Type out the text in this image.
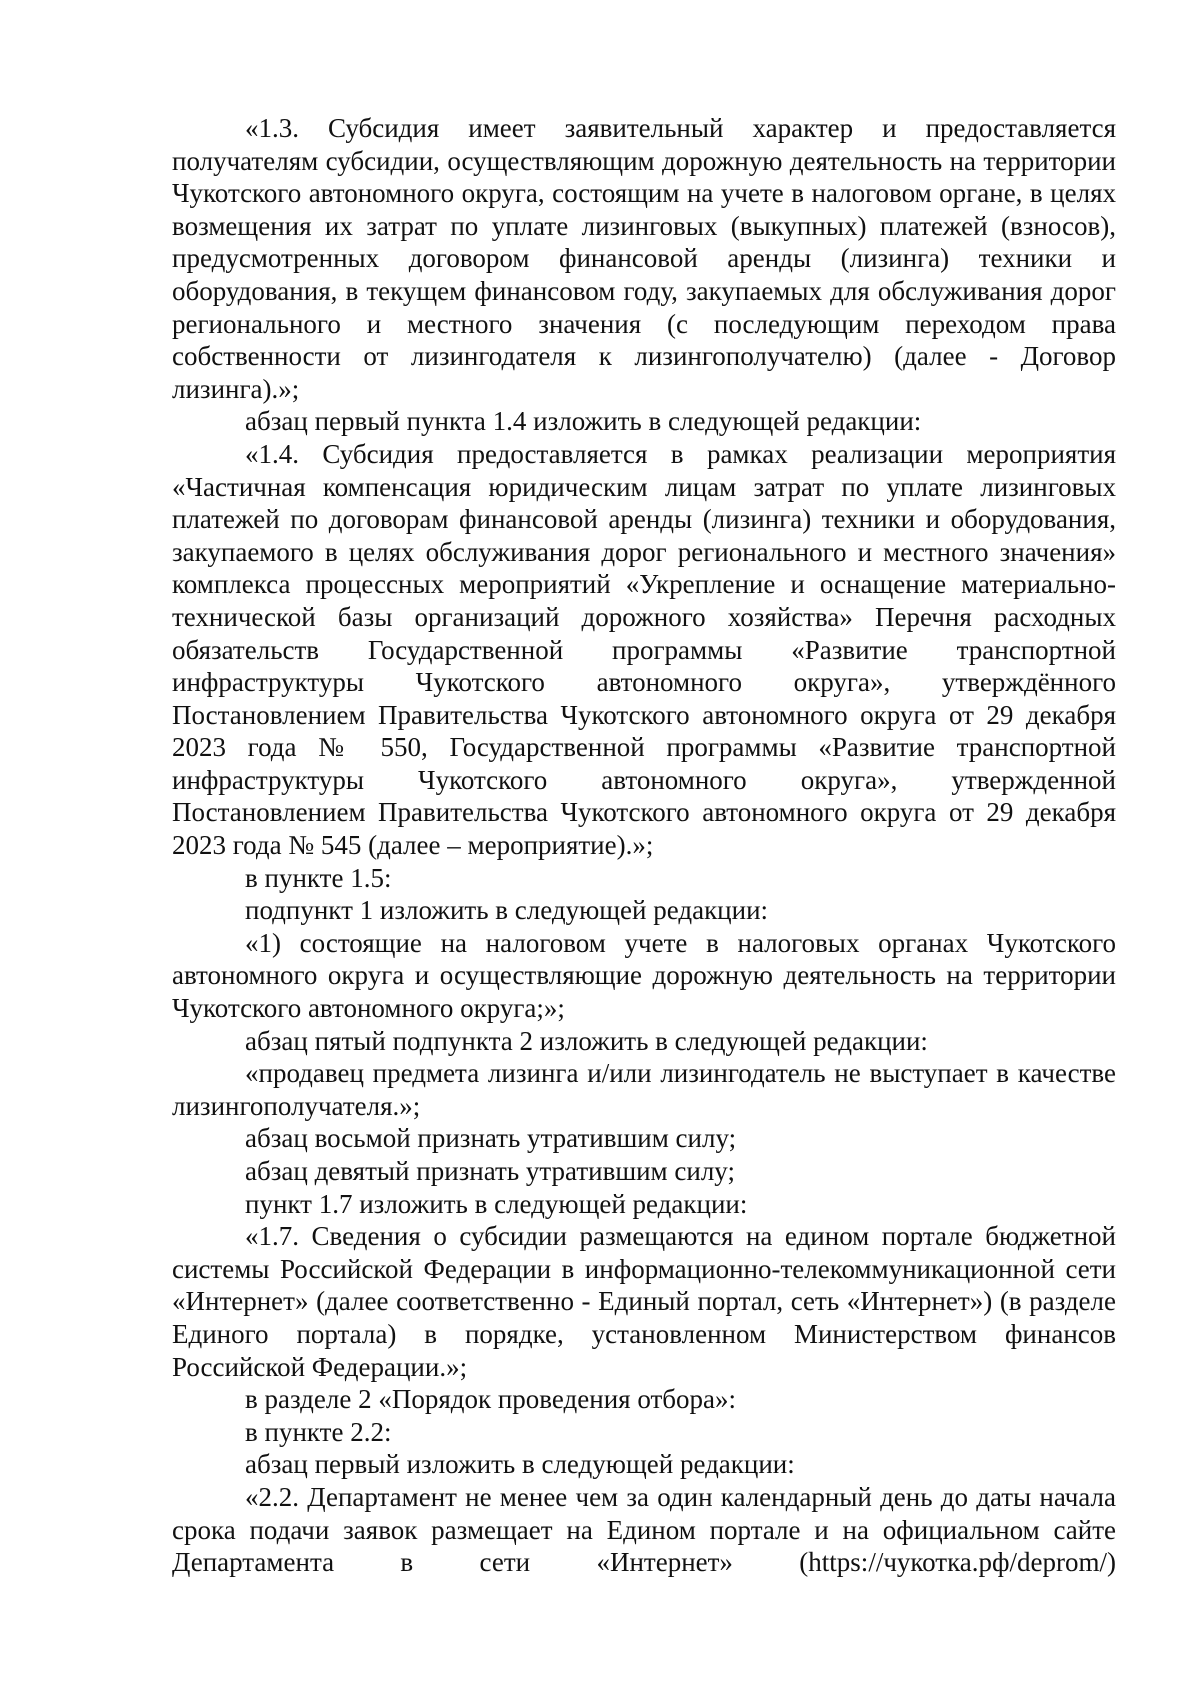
«1.3. Субсидия имеет заявительный характер и предоставляется получателям субсидии, осуществляющим дорожную деятельность на территории Чукотского автономного округа, состоящим на учете в налоговом органе, в целях возмещения их затрат по уплате лизинговых (выкупных) платежей (взносов), предусмотренных договором финансовой аренды (лизинга) техники и оборудования, в текущем финансовом году, закупаемых для обслуживания дорог регионального и местного значения (с последующим переходом права собственности от лизингодателя к лизингополучателю) (далее - Договор лизинга).»;

абзац первый пункта 1.4 изложить в следующей редакции:

«1.4. Субсидия предоставляется в рамках реализации мероприятия «Частичная компенсация юридическим лицам затрат по уплате лизинговых платежей по договорам финансовой аренды (лизинга) техники и оборудования, закупаемого в целях обслуживания дорог регионального и местного значения» комплекса процессных мероприятий «Укрепление и оснащение материально-технической базы организаций дорожного хозяйства» Перечня расходных обязательств Государственной программы «Развитие транспортной инфраструктуры Чукотского автономного округа», утверждённого Постановлением Правительства Чукотского автономного округа от 29 декабря 2023 года № 550, Государственной программы «Развитие транспортной инфраструктуры Чукотского автономного округа», утвержденной Постановлением Правительства Чукотского автономного округа от 29 декабря 2023 года № 545 (далее – мероприятие).»;

в пункте 1.5:

подпункт 1 изложить в следующей редакции:

«1) состоящие на налоговом учете в налоговых органах Чукотского автономного округа и осуществляющие дорожную деятельность на территории Чукотского автономного округа;»;

абзац пятый подпункта 2 изложить в следующей редакции:

«продавец предмета лизинга и/или лизингодатель не выступает в качестве лизингополучателя.»;

абзац восьмой признать утратившим силу;

абзац девятый признать утратившим силу;

пункт 1.7 изложить в следующей редакции:

«1.7. Сведения о субсидии размещаются на едином портале бюджетной системы Российской Федерации в информационно-телекоммуникационной сети «Интернет» (далее соответственно - Единый портал, сеть «Интернет») (в разделе Единого портала) в порядке, установленном Министерством финансов Российской Федерации.»;

в разделе 2 «Порядок проведения отбора»:

в пункте 2.2:

абзац первый изложить в следующей редакции:

«2.2. Департамент не менее чем за один календарный день до даты начала срока подачи заявок размещает на Едином портале и на официальном сайте Департамента в сети «Интернет» (https://чукотка.рф/deprom/)
